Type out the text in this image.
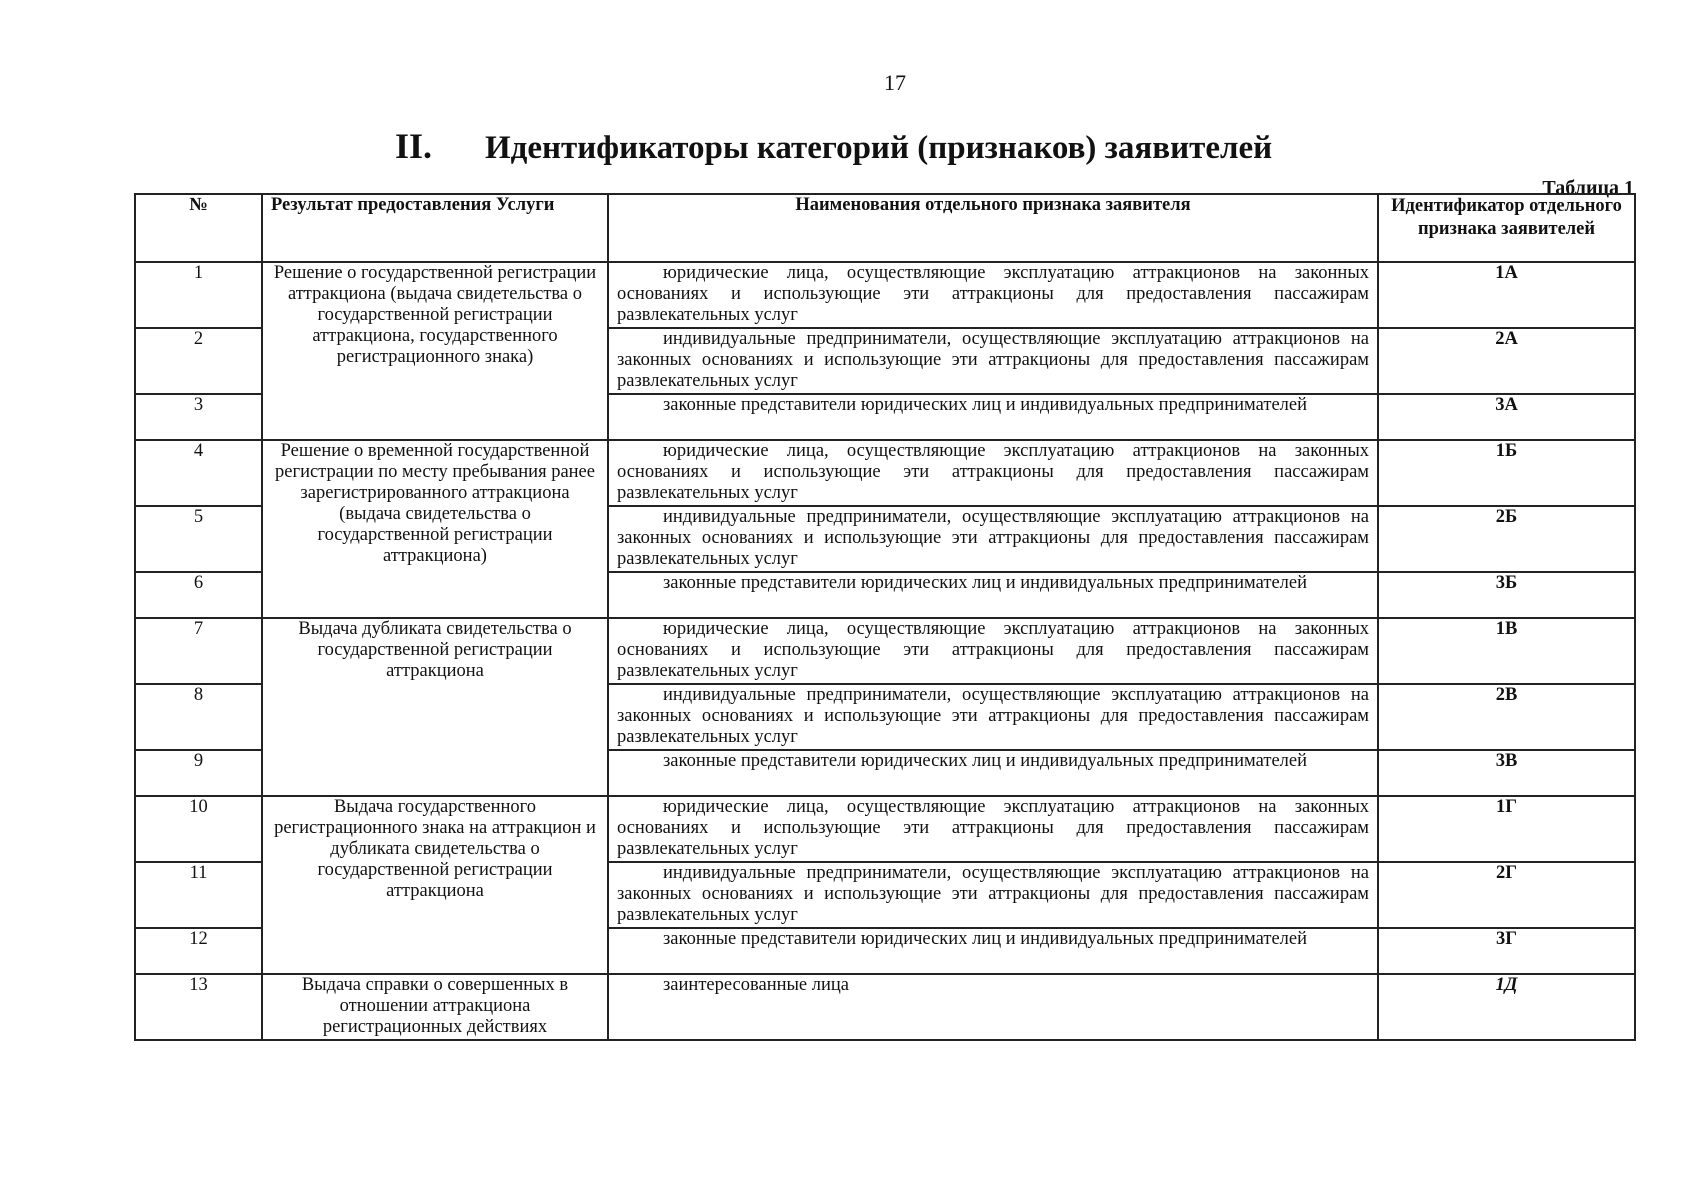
17
II. Идентификаторы категорий (признаков) заявителей
Таблица 1
№	Результат предоставления Услуги	Наименования отдельного признака заявителя	Идентификатор отдельного признака заявителей
1	Решение о государственной регистрации аттракциона (выдача свидетельства о государственной регистрации аттракциона, государственного регистрационного знака)	юридические лица, осуществляющие эксплуатацию аттракционов на законных основаниях и использующие эти аттракционы для предоставления пассажирам развлекательных услуг	1А
2		индивидуальные предприниматели, осуществляющие эксплуатацию аттракционов на законных основаниях и использующие эти аттракционы для предоставления пассажирам развлекательных услуг	2А
3		законные представители юридических лиц и индивидуальных предпринимателей	3А
4	Решение о временной государственной регистрации по месту пребывания ранее зарегистрированного аттракциона (выдача свидетельства о государственной регистрации аттракциона)	юридические лица, осуществляющие эксплуатацию аттракционов на законных основаниях и использующие эти аттракционы для предоставления пассажирам развлекательных услуг	1Б
5		индивидуальные предприниматели, осуществляющие эксплуатацию аттракционов на законных основаниях и использующие эти аттракционы для предоставления пассажирам развлекательных услуг	2Б
6		законные представители юридических лиц и индивидуальных предпринимателей	3Б
7	Выдача дубликата свидетельства о государственной регистрации аттракциона	юридические лица, осуществляющие эксплуатацию аттракционов на законных основаниях и использующие эти аттракционы для предоставления пассажирам развлекательных услуг	1В
8		индивидуальные предприниматели, осуществляющие эксплуатацию аттракционов на законных основаниях и использующие эти аттракционы для предоставления пассажирам развлекательных услуг	2В
9		законные представители юридических лиц и индивидуальных предпринимателей	3В
10	Выдача государственного регистрационного знака на аттракцион и дубликата свидетельства о государственной регистрации аттракциона	юридические лица, осуществляющие эксплуатацию аттракционов на законных основаниях и использующие эти аттракционы для предоставления пассажирам развлекательных услуг	1Г
11		индивидуальные предприниматели, осуществляющие эксплуатацию аттракционов на законных основаниях и использующие эти аттракционы для предоставления пассажирам развлекательных услуг	2Г
12		законные представители юридических лиц и индивидуальных предпринимателей	3Г
13	Выдача справки о совершенных в отношении аттракциона регистрационных действиях	заинтересованные лица	1Д
